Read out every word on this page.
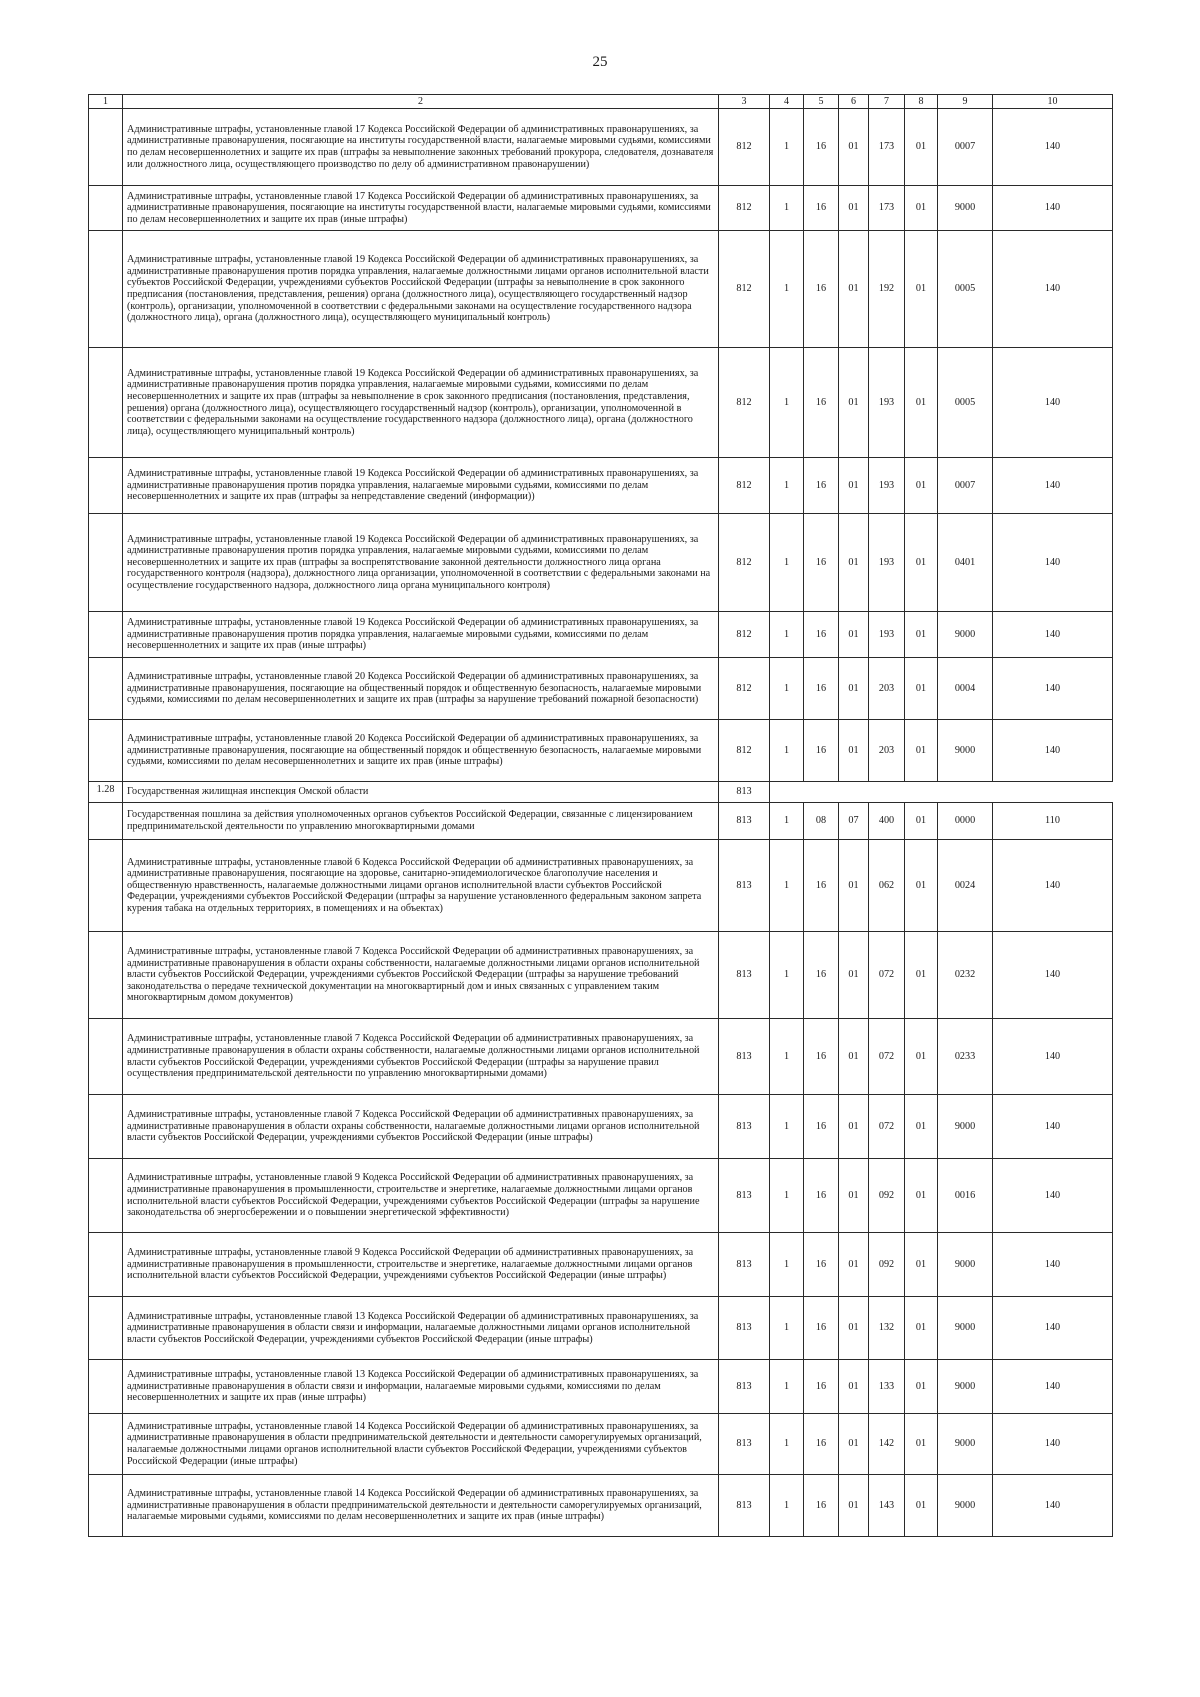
25
1	2	3	4	5	6	7	8	9	10
	Административные штрафы, установленные главой 17 Кодекса Российской Федерации об административных правонарушениях, за административные правонарушения, посягающие на институты государственной власти, налагаемые мировыми судьями, комиссиями по делам несовершеннолетних и защите их прав (штрафы за невыполнение законных требований прокурора, следователя, дознавателя или должностного лица, осуществляющего производство по делу об административном правонарушении)	812	1	16	01	173	01	0007	140
	Административные штрафы, установленные главой 17 Кодекса Российской Федерации об административных правонарушениях, за административные правонарушения, посягающие на институты государственной власти, налагаемые мировыми судьями, комиссиями по делам несовершеннолетних и защите их прав (иные штрафы)	812	1	16	01	173	01	9000	140
	Административные штрафы, установленные главой 19 Кодекса Российской Федерации об административных правонарушениях, за административные правонарушения против порядка управления, налагаемые должностными лицами органов исполнительной власти субъектов Российской Федерации, учреждениями субъектов Российской Федерации (штрафы за невыполнение в срок законного предписания (постановления, представления, решения) органа (должностного лица), осуществляющего государственный надзор (контроль), организации, уполномоченной в соответствии с федеральными законами на осуществление государственного надзора (должностного лица), органа (должностного лица), осуществляющего муниципальный контроль)	812	1	16	01	192	01	0005	140
	Административные штрафы, установленные главой 19 Кодекса Российской Федерации об административных правонарушениях, за административные правонарушения против порядка управления, налагаемые мировыми судьями, комиссиями по делам несовершеннолетних и защите их прав (штрафы за невыполнение в срок законного предписания (постановления, представления, решения) органа (должностного лица), осуществляющего государственный надзор (контроль), организации, уполномоченной в соответствии с федеральными законами на осуществление государственного надзора (должностного лица), органа (должностного лица), осуществляющего муниципальный контроль)	812	1	16	01	193	01	0005	140
	Административные штрафы, установленные главой 19 Кодекса Российской Федерации об административных правонарушениях, за административные правонарушения против порядка управления, налагаемые мировыми судьями, комиссиями по делам несовершеннолетних и защите их прав (штрафы за непредставление сведений (информации))	812	1	16	01	193	01	0007	140
	Административные штрафы, установленные главой 19 Кодекса Российской Федерации об административных правонарушениях, за административные правонарушения против порядка управления, налагаемые мировыми судьями, комиссиями по делам несовершеннолетних и защите их прав (штрафы за воспрепятствование законной деятельности должностного лица органа государственного контроля (надзора), должностного лица организации, уполномоченной в соответствии с федеральными законами на осуществление государственного надзора, должностного лица органа муниципального контроля)	812	1	16	01	193	01	0401	140
	Административные штрафы, установленные главой 19 Кодекса Российской Федерации об административных правонарушениях, за административные правонарушения против порядка управления, налагаемые мировыми судьями, комиссиями по делам несовершеннолетних и защите их прав (иные штрафы)	812	1	16	01	193	01	9000	140
	Административные штрафы, установленные главой 20 Кодекса Российской Федерации об административных правонарушениях, за административные правонарушения, посягающие на общественный порядок и общественную безопасность, налагаемые мировыми судьями, комиссиями по делам несовершеннолетних и защите их прав (штрафы за нарушение требований пожарной безопасности)	812	1	16	01	203	01	0004	140
	Административные штрафы, установленные главой 20 Кодекса Российской Федерации об административных правонарушениях, за административные правонарушения, посягающие на общественный порядок и общественную безопасность, налагаемые мировыми судьями, комиссиями по делам несовершеннолетних и защите их прав (иные штрафы)	812	1	16	01	203	01	9000	140
1.28	Государственная жилищная инспекция Омской области	813							
	Государственная пошлина за действия уполномоченных органов субъектов Российской Федерации, связанные с лицензированием предпринимательской деятельности по управлению многоквартирными домами	813	1	08	07	400	01	0000	110
	Административные штрафы, установленные главой 6 Кодекса Российской Федерации об административных правонарушениях, за административные правонарушения, посягающие на здоровье, санитарно-эпидемиологическое благополучие населения и общественную нравственность, налагаемые должностными лицами органов исполнительной власти субъектов Российской Федерации, учреждениями субъектов Российской Федерации (штрафы за нарушение установленного федеральным законом запрета курения табака на отдельных территориях, в помещениях и на объектах)	813	1	16	01	062	01	0024	140
	Административные штрафы, установленные главой 7 Кодекса Российской Федерации об административных правонарушениях, за административные правонарушения в области охраны собственности, налагаемые должностными лицами органов исполнительной власти субъектов Российской Федерации, учреждениями субъектов Российской Федерации (штрафы за нарушение требований законодательства о передаче технической документации на многоквартирный дом и иных связанных с управлением таким многоквартирным домом документов)	813	1	16	01	072	01	0232	140
	Административные штрафы, установленные главой 7 Кодекса Российской Федерации об административных правонарушениях, за административные правонарушения в области охраны собственности, налагаемые должностными лицами органов исполнительной власти субъектов Российской Федерации, учреждениями субъектов Российской Федерации (штрафы за нарушение правил осуществления предпринимательской деятельности по управлению многоквартирными домами)	813	1	16	01	072	01	0233	140
	Административные штрафы, установленные главой 7 Кодекса Российской Федерации об административных правонарушениях, за административные правонарушения в области охраны собственности, налагаемые должностными лицами органов исполнительной власти субъектов Российской Федерации, учреждениями субъектов Российской Федерации (иные штрафы)	813	1	16	01	072	01	9000	140
	Административные штрафы, установленные главой 9 Кодекса Российской Федерации об административных правонарушениях, за административные правонарушения в промышленности, строительстве и энергетике, налагаемые должностными лицами органов исполнительной власти субъектов Российской Федерации, учреждениями субъектов Российской Федерации (штрафы за нарушение законодательства об энергосбережении и о повышении энергетической эффективности)	813	1	16	01	092	01	0016	140
	Административные штрафы, установленные главой 9 Кодекса Российской Федерации об административных правонарушениях, за административные правонарушения в промышленности, строительстве и энергетике, налагаемые должностными лицами органов исполнительной власти субъектов Российской Федерации, учреждениями субъектов Российской Федерации (иные штрафы)	813	1	16	01	092	01	9000	140
	Административные штрафы, установленные главой 13 Кодекса Российской Федерации об административных правонарушениях, за административные правонарушения в области связи и информации, налагаемые должностными лицами органов исполнительной власти субъектов Российской Федерации, учреждениями субъектов Российской Федерации (иные штрафы)	813	1	16	01	132	01	9000	140
	Административные штрафы, установленные главой 13 Кодекса Российской Федерации об административных правонарушениях, за административные правонарушения в области связи и информации, налагаемые мировыми судьями, комиссиями по делам несовершеннолетних и защите их прав (иные штрафы)	813	1	16	01	133	01	9000	140
	Административные штрафы, установленные главой 14 Кодекса Российской Федерации об административных правонарушениях, за административные правонарушения в области предпринимательской деятельности и деятельности саморегулируемых организаций, налагаемые должностными лицами органов исполнительной власти субъектов Российской Федерации, учреждениями субъектов Российской Федерации (иные штрафы)	813	1	16	01	142	01	9000	140
	Административные штрафы, установленные главой 14 Кодекса Российской Федерации об административных правонарушениях, за административные правонарушения в области предпринимательской деятельности и деятельности саморегулируемых организаций, налагаемые мировыми судьями, комиссиями по делам несовершеннолетних и защите их прав (иные штрафы)	813	1	16	01	143	01	9000	140
